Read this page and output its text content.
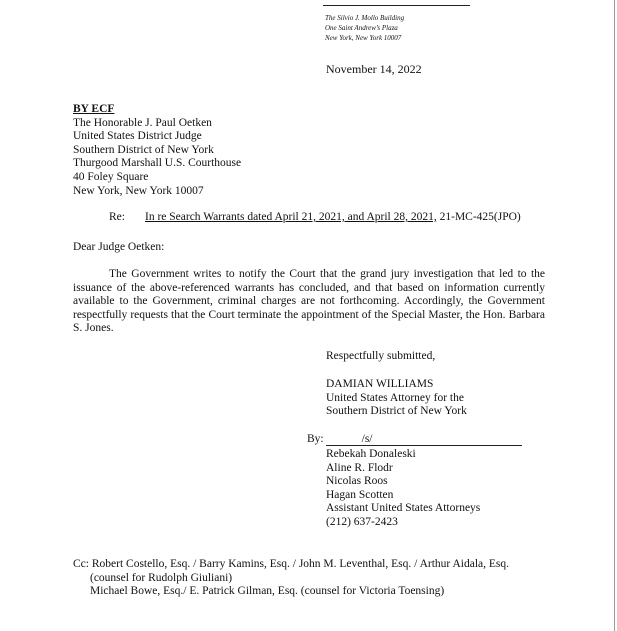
The Silvio J. Mollo Building
One Saint Andrew’s Plaza
New York, New York 10007
November 14, 2022
BY ECF
The Honorable J. Paul Oetken
United States District Judge
Southern District of New York
Thurgood Marshall U.S. Courthouse
40 Foley Square
New York, New York 10007
Re: In re Search Warrants dated April 21, 2021, and April 28, 2021, 21-MC-425(JPO)
Dear Judge Oetken:

The Government writes to notify the Court that the grand jury investigation that led to the issuance of the above-referenced warrants has concluded, and that based on information currently available to the Government, criminal charges are not forthcoming. Accordingly, the Government respectfully requests that the Court terminate the appointment of the Special Master, the Hon. Barbara S. Jones.

Respectfully submitted,
DAMIAN WILLIAMS
United States Attorney for the
Southern District of New York
By:	/s/
Rebekah Donaleski
Aline R. Flodr
Nicolas Roos
Hagan Scotten
Assistant United States Attorneys
(212) 637-2423
Cc: Robert Costello, Esq. / Barry Kamins, Esq. / John M. Leventhal, Esq. / Arthur Aidala, Esq.
(counsel for Rudolph Giuliani)
Michael Bowe, Esq./ E. Patrick Gilman, Esq. (counsel for Victoria Toensing)
